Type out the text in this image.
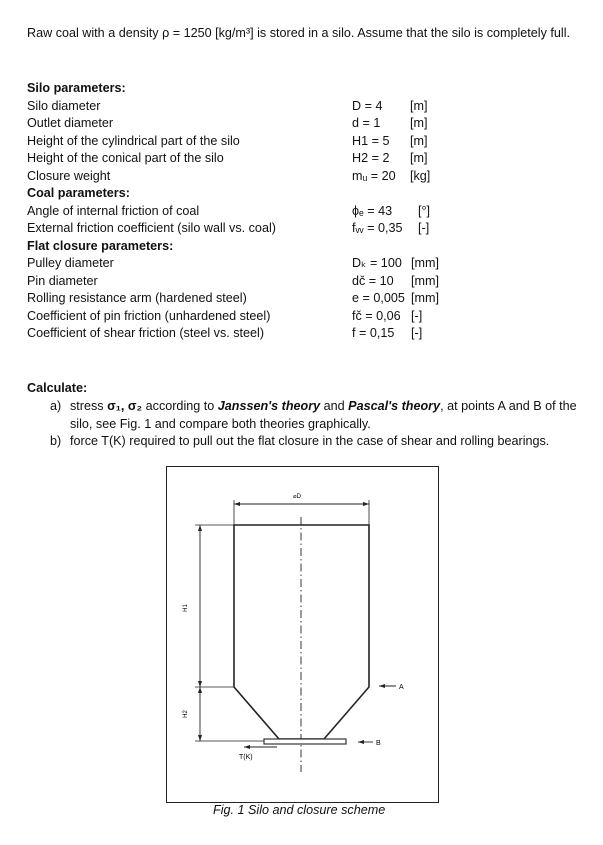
Raw coal with a density ρ = 1250 [kg/m³] is stored in a silo. Assume that the silo is completely full.
Silo parameters:
Silo diameter	D = 4 [m]
Outlet diameter	d = 1 [m]
Height of the cylindrical part of the silo	H1 = 5 [m]
Height of the conical part of the silo	H2 = 2 [m]
Closure weight	mᵤ = 20 [kg]
Coal parameters:
Angle of internal friction of coal	ϕₑ = 43 [°]
External friction coefficient (silo wall vs. coal)	fᵥᵥ = 0,35 [-]
Flat closure parameters:
Pulley diameter	Dₖ = 100 [mm]
Pin diameter	dč = 10 [mm]
Rolling resistance arm (hardened steel)	e = 0,005 [mm]
Coefficient of pin friction (unhardened steel)	fč = 0,06 [-]
Coefficient of shear friction (steel vs. steel)	f = 0,15 [-]
Calculate:
a) stress σ₁, σ₂ according to Janssen's theory and Pascal's theory, at points A and B of the silo, see Fig. 1 and compare both theories graphically.
b) force T(K) required to pull out the flat closure in the case of shear and rolling bearings.
⌀D
H1
H2
T(K)
A
B
Fig. 1 Silo and closure scheme
